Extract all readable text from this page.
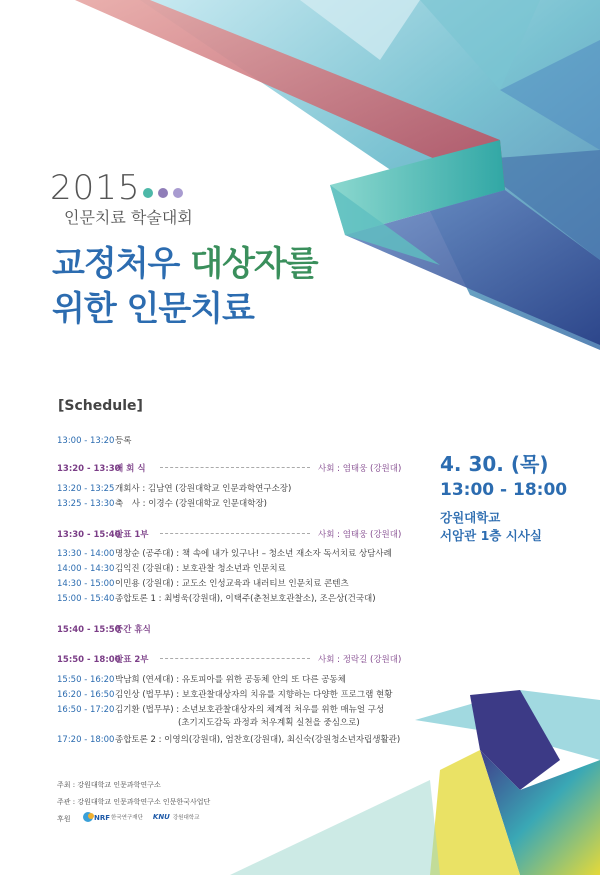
2015
인문치료 학술대회
교정처우 대상자를
위한 인문치료
[Schedule]
13:00 - 13:20등록
13:20 - 13:30개 회 식	사회 : 염태웅 (강원대)
13:20 - 13:25개회사 : 김남연 (강원대학교 인문과학연구소장)
13:25 - 13:30축　사 : 이경수 (강원대학교 인문대학장)
13:30 - 15:40발표 1부	사회 : 염태웅 (강원대)
13:30 - 14:00명창순 (공주대) : 책 속에 내가 있구나! – 청소년 재소자 독서치료 상담사례
14:00 - 14:30김익진 (강원대) : 보호관찰 청소년과 인문치료
14:30 - 15:00이민용 (강원대) : 교도소 인성교육과 내러티브 인문치료 콘텐츠
15:00 - 15:40종합토론 1 : 최병욱(강원대), 이택주(춘천보호관찰소), 조은상(건국대)
15:40 - 15:50중간 휴식
15:50 - 18:00발표 2부	사회 : 정락길 (강원대)
15:50 - 16:20박남희 (연세대) : 유토피아를 위한 공동체 안의 또 다른 공동체
16:20 - 16:50김인상 (법무부) : 보호관찰대상자의 치유를 지향하는 다양한 프로그램 현황
16:50 - 17:20김기환 (법무부) : 소년보호관찰대상자의 체계적 처우를 위한 매뉴얼 구성
(초기지도감독 과정과 처우계획 실천을 중심으로)
17:20 - 18:00종합토론 2 : 이영의(강원대), 엄찬호(강원대), 최신숙(강원청소년자립생활관)
4. 30. (목)
13:00 - 18:00
강원대학교
서암관 1층 시사실
주최 : 강원대학교 인문과학연구소
주관 : 강원대학교 인문과학연구소 인문한국사업단
후원	NRF 한국연구재단 KNU 강원대학교
